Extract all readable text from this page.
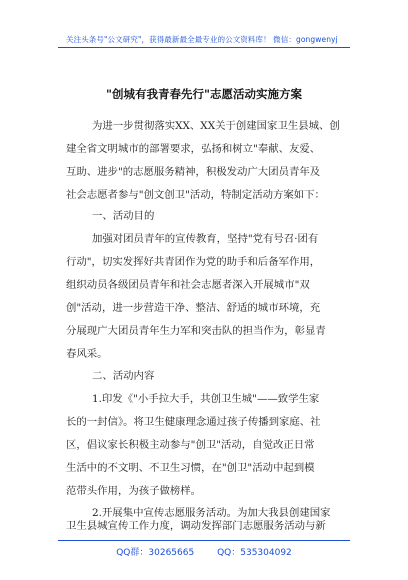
关注头条号"公文研究"，获得最新最全最专业的公文资料库！ 微信：gongwenyj
"创城有我青春先行"志愿活动实施方案
为进一步贯彻落实XX、XX关于创建国家卫生县城、创
建全省文明城市的部署要求，弘扬和树立"奉献、友爱、
互助、进步"的志愿服务精神，积极发动广大团员青年及
社会志愿者参与"创文创卫"活动，特制定活动方案如下：
一、活动目的
加强对团员青年的宣传教育，坚持"党有号召·团有
行动"，切实发挥好共青团作为党的助手和后备军作用，
组织动员各级团员青年和社会志愿者深入开展城市"双
创"活动，进一步营造干净、整洁、舒适的城市环境，充
分展现广大团员青年生力军和突击队的担当作为，彰显青
春风采。
二、活动内容
1.印发《"小手拉大手，共创卫生城"——致学生家
长的一封信》。将卫生健康理念通过孩子传播到家庭、社
区，倡议家长积极主动参与"创卫"活动，自觉改正日常
生活中的不文明、不卫生习惯，在"创卫"活动中起到模
范带头作用，为孩子做榜样。
2.开展集中宣传志愿服务活动。为加大我县创建国家
卫生县城宣传工作力度，调动发挥部门志愿服务活动与新
QQ群：30265665	QQ：535304092
